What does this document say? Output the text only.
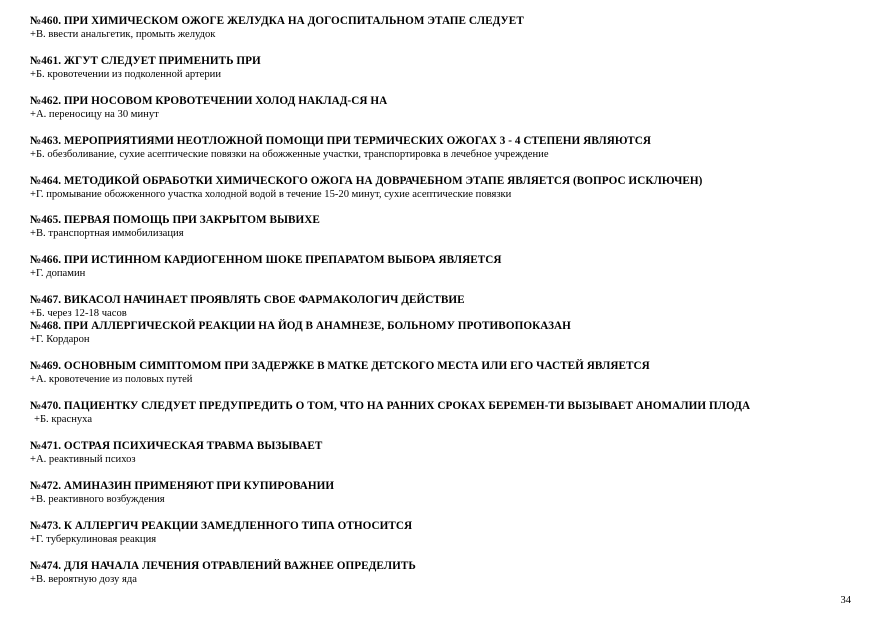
№460. ПРИ ХИМИЧЕСКОМ ОЖОГЕ ЖЕЛУДКА НА ДОГОСПИТАЛЬНОМ ЭТАПЕ СЛЕДУЕТ
+В. ввести анальгетик, промыть желудок
№461. ЖГУТ СЛЕДУЕТ ПРИМЕНИТЬ ПРИ
+Б. кровотечении из подколенной артерии
№462. ПРИ НОСОВОМ КРОВОТЕЧЕНИИ ХОЛОД НАКЛАД-СЯ НА
+А. переносицу на 30 минут
№463. МЕРОПРИЯТИЯМИ НЕОТЛОЖНОЙ ПОМОЩИ ПРИ ТЕРМИЧЕСКИХ ОЖОГАХ 3 - 4 СТЕПЕНИ ЯВЛЯЮТСЯ
+Б. обезболивание, сухие асептические повязки на обожженные участки, транспортировка в лечебное учреждение
№464. МЕТОДИКОЙ ОБРАБОТКИ ХИМИЧЕСКОГО ОЖОГА НА ДОВРАЧЕБНОМ ЭТАПЕ ЯВЛЯЕТСЯ (ВОПРОС ИСКЛЮЧЕН)
+Г. промывание обожженного участка холодной водой в течение 15-20 минут, сухие асептические повязки
№465. ПЕРВАЯ ПОМОЩЬ ПРИ ЗАКРЫТОМ ВЫВИХЕ
+В. транспортная иммобилизация
№466. ПРИ ИСТИННОМ КАРДИОГЕННОМ ШОКЕ ПРЕПАРАТОМ ВЫБОРА ЯВЛЯЕТСЯ
+Г. допамин
№467. ВИКАСОЛ НАЧИНАЕТ ПРОЯВЛЯТЬ СВОЕ ФАРМАКОЛОГИЧ ДЕЙСТВИЕ
+Б. через 12-18 часов
№468. ПРИ АЛЛЕРГИЧЕСКОЙ РЕАКЦИИ НА ЙОД В АНАМНЕЗЕ, БОЛЬНОМУ ПРОТИВОПОКАЗАН
+Г. Кордарон
№469. ОСНОВНЫМ СИМПТОМОМ ПРИ ЗАДЕРЖКЕ В МАТКЕ ДЕТСКОГО МЕСТА ИЛИ ЕГО ЧАСТЕЙ ЯВЛЯЕТСЯ
+А. кровотечение из половых путей
№470. ПАЦИЕНТКУ СЛЕДУЕТ ПРЕДУПРЕДИТЬ О ТОМ, ЧТО НА РАННИХ СРОКАХ БЕРЕМЕН-ТИ ВЫЗЫВАЕТ АНОМАЛИИ ПЛОДА
+Б. краснуха
№471. ОСТРАЯ ПСИХИЧЕСКАЯ ТРАВМА ВЫЗЫВАЕТ
+А. реактивный психоз
№472. АМИНАЗИН ПРИМЕНЯЮТ ПРИ КУПИРОВАНИИ
+В. реактивного возбуждения
№473. К АЛЛЕРГИЧ РЕАКЦИИ ЗАМЕДЛЕННОГО ТИПА ОТНОСИТСЯ
+Г. туберкулиновая реакция
№474. ДЛЯ НАЧАЛА ЛЕЧЕНИЯ ОТРАВЛЕНИЙ ВАЖНЕЕ ОПРЕДЕЛИТЬ
+В. вероятную дозу яда
34
